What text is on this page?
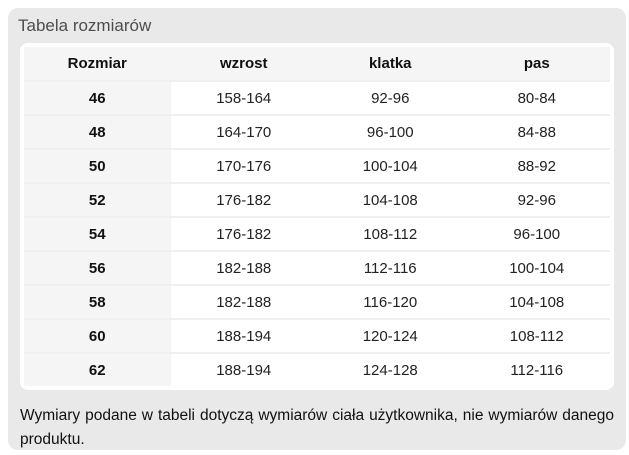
Tabela rozmiarów
Rozmiar	wzrost	klatka	pas
46	158-164	92-96	80-84
48	164-170	96-100	84-88
50	170-176	100-104	88-92
52	176-182	104-108	92-96
54	176-182	108-112	96-100
56	182-188	112-116	100-104
58	182-188	116-120	104-108
60	188-194	120-124	108-112
62	188-194	124-128	112-116
Wymiary podane w tabeli dotyczą wymiarów ciała użytkownika, nie wymiarów danego produktu.
